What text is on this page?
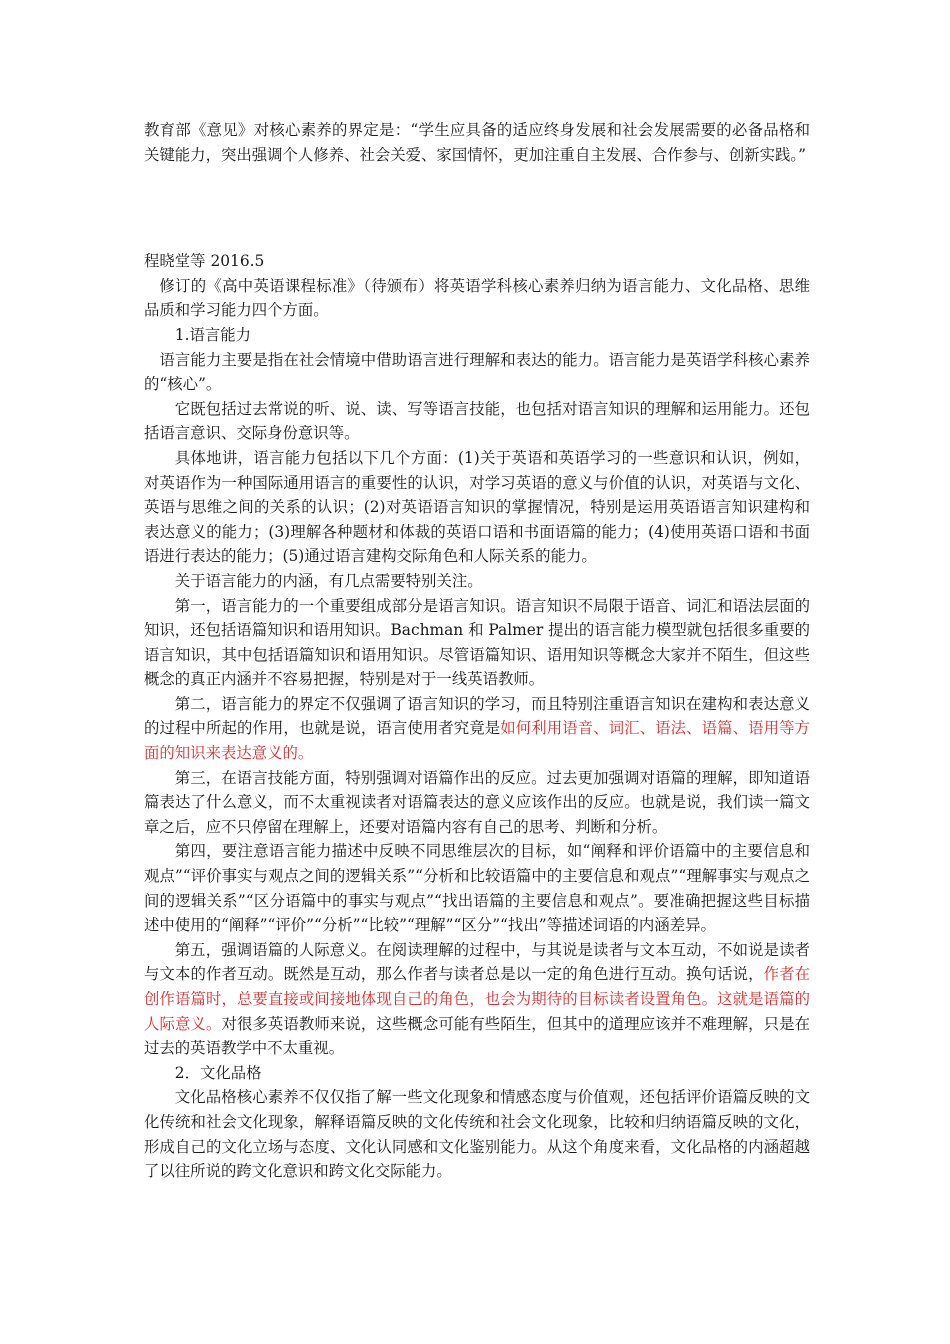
教育部《意见》对核心素养的界定是：“学生应具备的适应终身发展和社会发展需要的必备品格和关键能力，突出强调个人修养、社会关爱、家国情怀，更加注重自主发展、合作参与、创新实践。”

程晓堂等 2016.5

修订的《高中英语课程标准》（待颁布）将英语学科核心素养归纳为语言能力、文化品格、思维品质和学习能力四个方面。

1.语言能力

语言能力主要是指在社会情境中借助语言进行理解和表达的能力。语言能力是英语学科核心素养的“核心”。

它既包括过去常说的听、说、读、写等语言技能，也包括对语言知识的理解和运用能力。还包括语言意识、交际身份意识等。

具体地讲，语言能力包括以下几个方面：(1)关于英语和英语学习的一些意识和认识，例如，对英语作为一种国际通用语言的重要性的认识，对学习英语的意义与价值的认识，对英语与文化、英语与思维之间的关系的认识；(2)对英语语言知识的掌握情况，特别是运用英语语言知识建构和表达意义的能力；(3)理解各种题材和体裁的英语口语和书面语篇的能力；(4)使用英语口语和书面语进行表达的能力；(5)通过语言建构交际角色和人际关系的能力。

关于语言能力的内涵，有几点需要特别关注。

第一，语言能力的一个重要组成部分是语言知识。语言知识不局限于语音、词汇和语法层面的知识，还包括语篇知识和语用知识。Bachman 和 Palmer 提出的语言能力模型就包括很多重要的语言知识，其中包括语篇知识和语用知识。尽管语篇知识、语用知识等概念大家并不陌生，但这些概念的真正内涵并不容易把握，特别是对于一线英语教师。

第二，语言能力的界定不仅强调了语言知识的学习，而且特别注重语言知识在建构和表达意义的过程中所起的作用，也就是说，语言使用者究竟是如何利用语音、词汇、语法、语篇、语用等方面的知识来表达意义的。

第三，在语言技能方面，特别强调对语篇作出的反应。过去更加强调对语篇的理解，即知道语篇表达了什么意义，而不太重视读者对语篇表达的意义应该作出的反应。也就是说，我们读一篇文章之后，应不只停留在理解上，还要对语篇内容有自己的思考、判断和分析。

第四，要注意语言能力描述中反映不同思维层次的目标，如“阐释和评价语篇中的主要信息和观点”“评价事实与观点之间的逻辑关系”“分析和比较语篇中的主要信息和观点”“理解事实与观点之间的逻辑关系”“区分语篇中的事实与观点”“找出语篇的主要信息和观点”。要准确把握这些目标描述中使用的“阐释”“评价”“分析”“比较”“理解”“区分”“找出”等描述词语的内涵差异。

第五，强调语篇的人际意义。在阅读理解的过程中，与其说是读者与文本互动，不如说是读者与文本的作者互动。既然是互动，那么作者与读者总是以一定的角色进行互动。换句话说，作者在创作语篇时，总要直接或间接地体现自己的角色，也会为期待的目标读者设置角色。这就是语篇的人际意义。对很多英语教师来说，这些概念可能有些陌生，但其中的道理应该并不难理解，只是在过去的英语教学中不太重视。

2．文化品格

文化品格核心素养不仅仅指了解一些文化现象和情感态度与价值观，还包括评价语篇反映的文化传统和社会文化现象，解释语篇反映的文化传统和社会文化现象，比较和归纳语篇反映的文化，形成自己的文化立场与态度、文化认同感和文化鉴别能力。从这个角度来看，文化品格的内涵超越了以往所说的跨文化意识和跨文化交际能力。
